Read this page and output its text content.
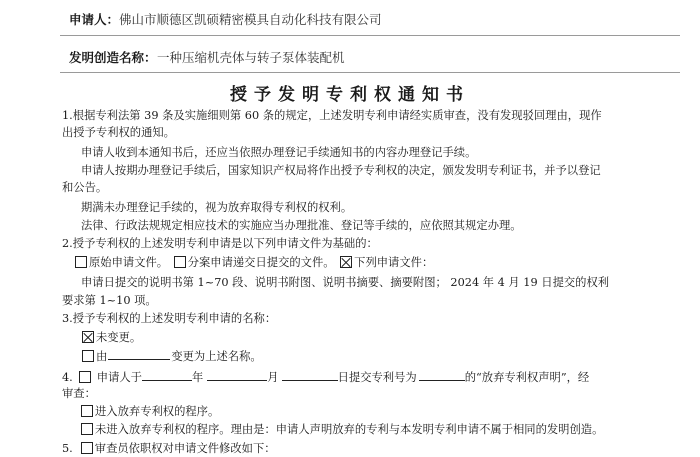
申请人： 佛山市顺德区凯硕精密模具自动化科技有限公司
发明创造名称： 一种压缩机壳体与转子泵体装配机
授予发明专利权通知书
1.根据专利法第 39 条及实施细则第 60 条的规定，上述发明专利申请经实质审查，没有发现驳回理由，现作
出授予专利权的通知。
申请人收到本通知书后，还应当依照办理登记手续通知书的内容办理登记手续。
申请人按期办理登记手续后，国家知识产权局将作出授予专利权的决定，颁发发明专利证书，并予以登记
和公告。
期满未办理登记手续的，视为放弃取得专利权的权利。
法律、行政法规规定相应技术的实施应当办理批准、登记等手续的，应依照其规定办理。
2.授予专利权的上述发明专利申请是以下列申请文件为基础的：
原始申请文件。 分案申请递交日提交的文件。 下列申请文件：
申请日提交的说明书第 1~70 段、说明书附图、说明书摘要、摘要附图； 2024 年 4 月 19 日提交的权利
要求第 1~10 项。
3.授予专利权的上述发明专利申请的名称：
未变更。
由	变更为上述名称。
4. 申请人于	年	月	日提交专利号为	的“放弃专利权声明”，经
审查：
进入放弃专利权的程序。
未进入放弃专利权的程序。理由是：申请人声明放弃的专利与本发明专利申请不属于相同的发明创造。
5. 审查员依职权对申请文件修改如下：
